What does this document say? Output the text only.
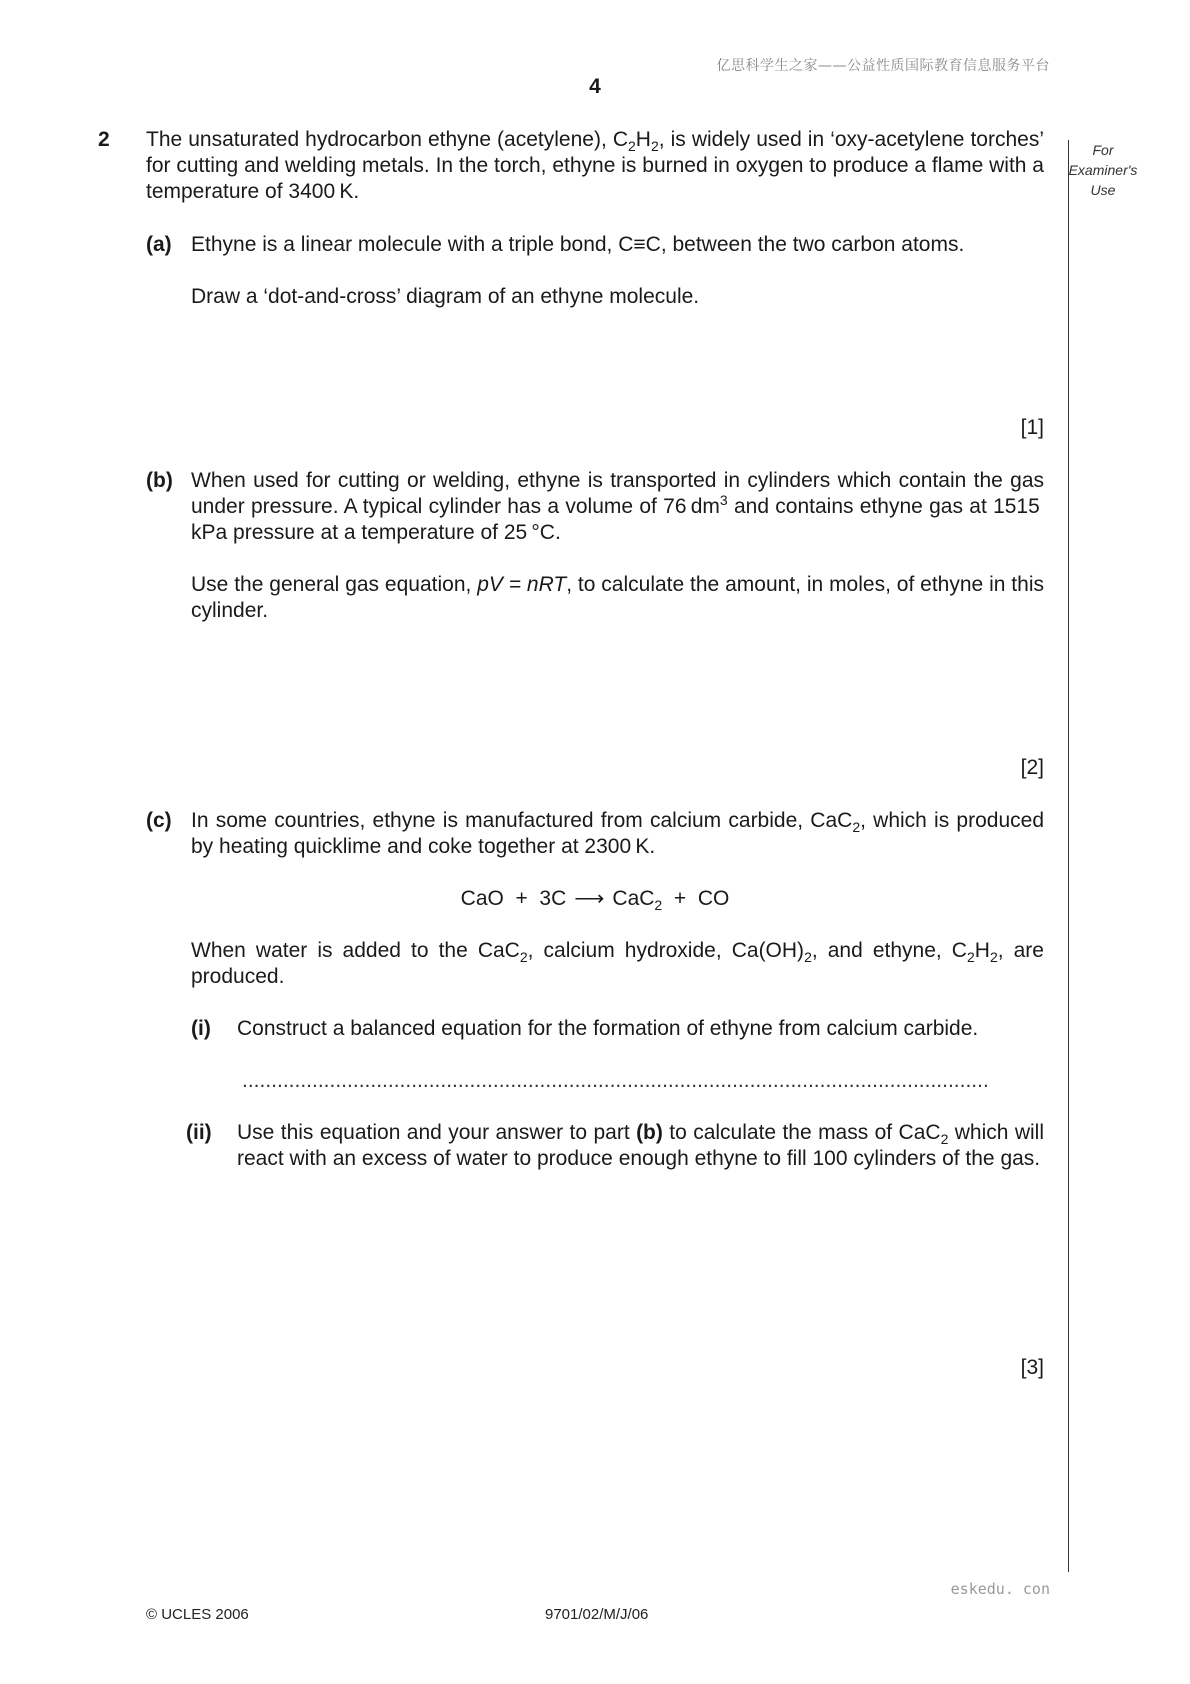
亿思科学生之家——公益性质国际教育信息服务平台
4
For
Examiner's
Use
2 The unsaturated hydrocarbon ethyne (acetylene), $C_2H_2$, is widely used in ‘oxy-acetylene torches’ for cutting and welding metals. In the torch, ethyne is burned in oxygen to produce a flame with a temperature of 3400 K.
(a) Ethyne is a linear molecule with a triple bond, C≡C, between the two carbon atoms.
Draw a ‘dot-and-cross’ diagram of an ethyne molecule.
[1]
(b) When used for cutting or welding, ethyne is transported in cylinders which contain the gas under pressure. A typical cylinder has a volume of 76 $dm^3$ and contains ethyne gas at 1515 kPa pressure at a temperature of 25 °C.
Use the general gas equation, pV = nRT, to calculate the amount, in moles, of ethyne in this cylinder.
[2]
(c) In some countries, ethyne is manufactured from calcium carbide, CaC$_2$, which is produced by heating quicklime and coke together at 2300 K.
CaO  +  3C ⟶ CaC$_2$  +  CO
When water is added to the CaC$_2$, calcium hydroxide, $Ca(OH)_2$, and ethyne, $C_2H_2$, are produced.
(i) Construct a balanced equation for the formation of ethyne from calcium carbide.
................................................................................................................................
(ii) Use this equation and your answer to part (b) to calculate the mass of CaC$_2$ which will react with an excess of water to produce enough ethyne to fill 100 cylinders of the gas.
[3]
eskedu. con
© UCLES 2006	9701/02/M/J/06
